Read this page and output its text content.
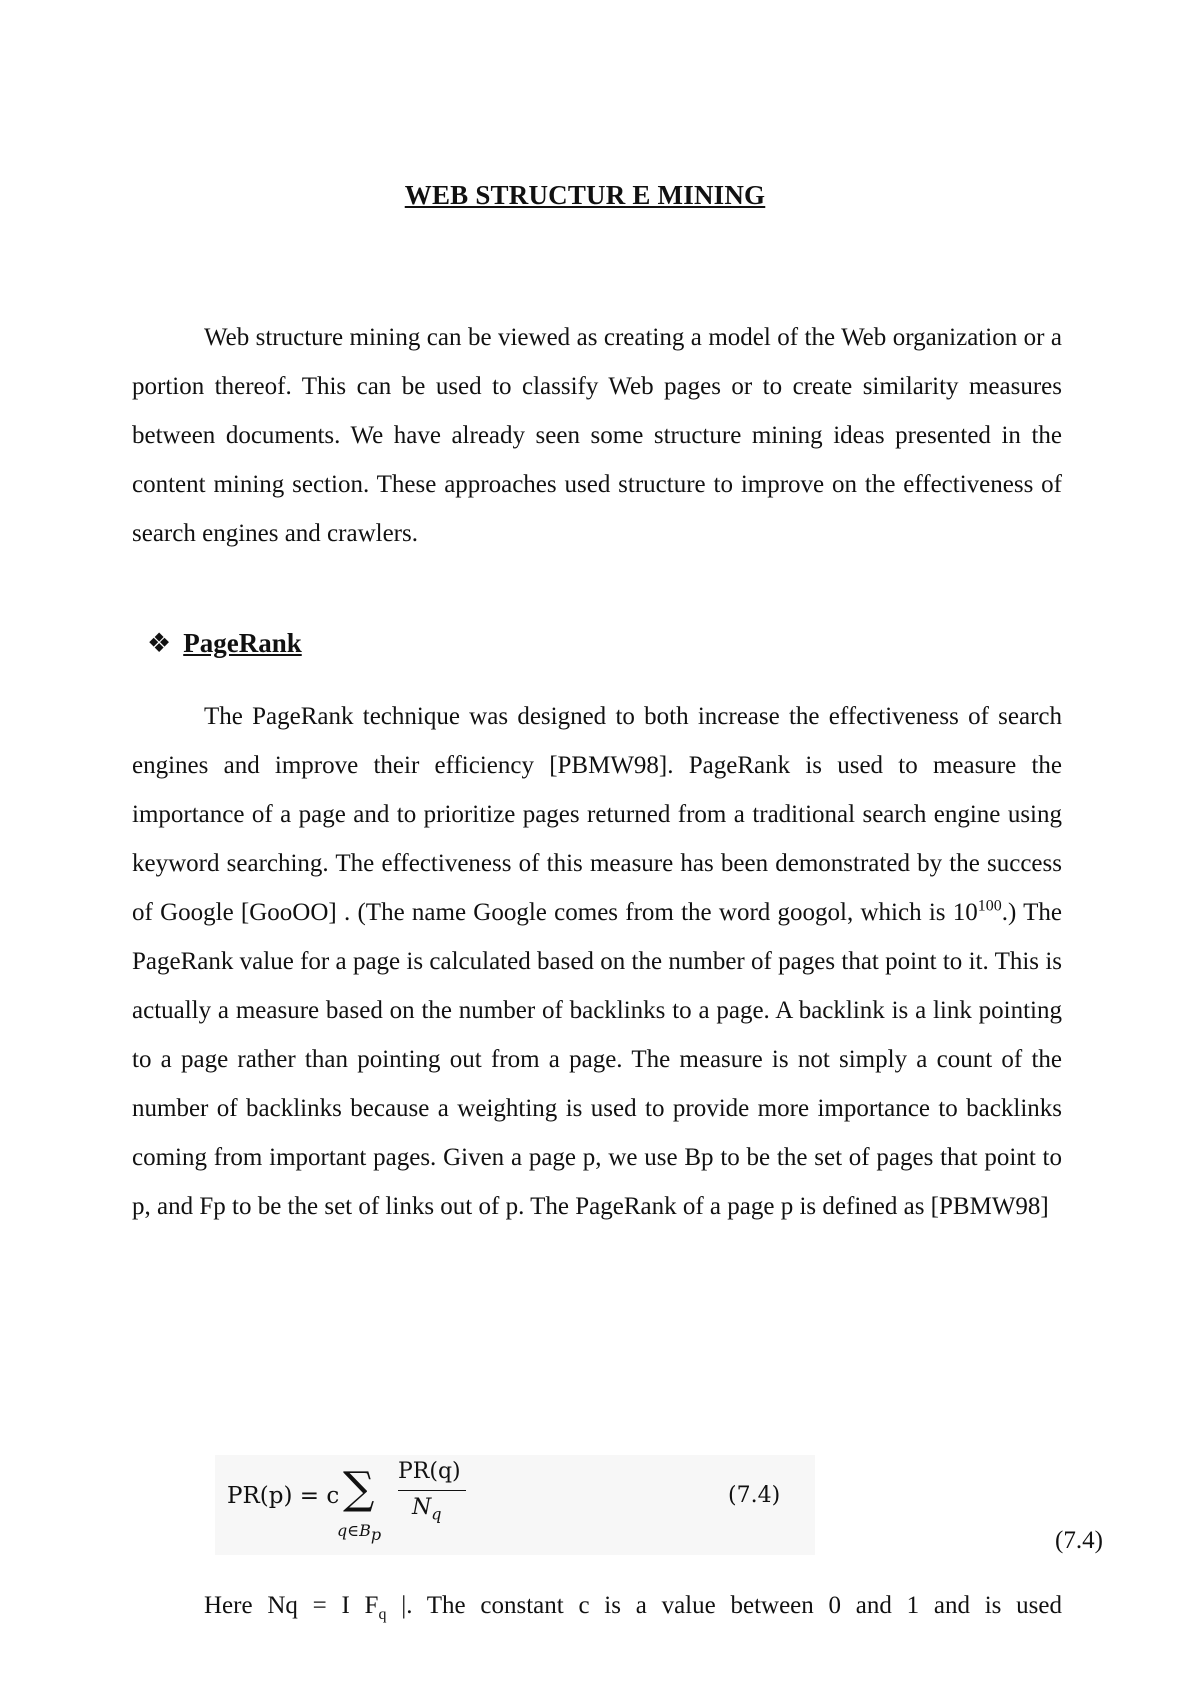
WEB STRUCTUR E MINING

Web structure mining can be viewed as creating a model of the Web organization or a portion thereof. This can be used to classify Web pages or to create similarity measures between documents. We have already seen some structure mining ideas presented in the content mining section. These approaches used structure to improve on the effectiveness of search engines and crawlers.

❖ PageRank

The PageRank technique was designed to both increase the effectiveness of search engines and improve their efficiency [PBMW98]. PageRank is used to measure the importance of a page and to prioritize pages returned from a traditional search engine using keyword searching. The effectiveness of this measure has been demonstrated by the success of Google [GooOO] . (The name Google comes from the word googol, which is $10^{100}$.) The PageRank value for a page is calculated based on the number of pages that point to it. This is actually a measure based on the number of backlinks to a page. A backlink is a link pointing to a page rather than pointing out from a page. The measure is not simply a count of the number of backlinks because a weighting is used to provide more importance to backlinks coming from important pages. Given a page p, we use Bp to be the set of pages that point to p, and Fp to be the set of links out of p. The PageRank of a page p is defined as [PBMW98]

PR(p) = c ∑
$q\in B_p$
PR(q)
$N_q$
(7.4)
(7.4)
Here Nq = I $F_q$ |. The constant c is a value between 0 and 1 and is used
